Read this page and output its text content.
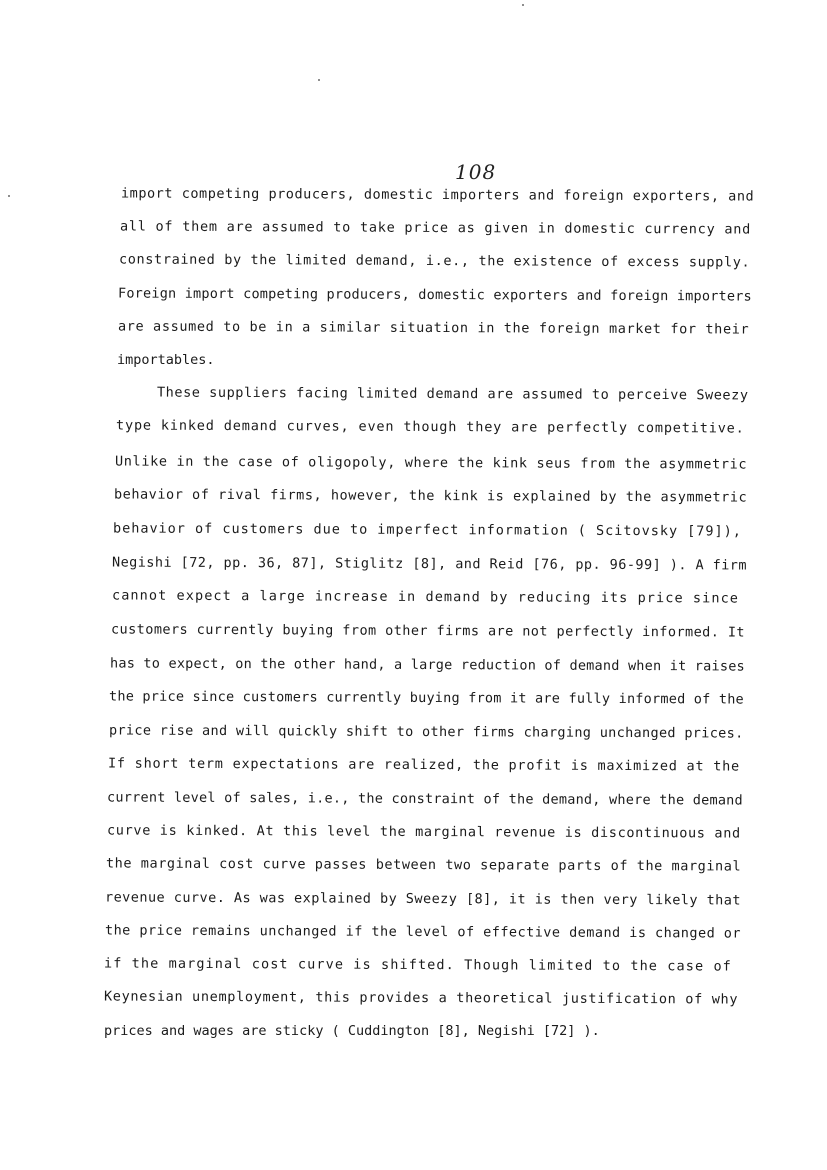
108
import competing producers, domestic importers and foreign exporters, and
all of them are assumed to take price as given in domestic currency and
constrained by the limited demand, i.e., the existence of excess supply.
Foreign import competing producers, domestic exporters and foreign importers
are assumed to be in a similar situation in the foreign market for their
importables.
These suppliers facing limited demand are assumed to perceive Sweezy
type kinked demand curves, even though they are perfectly competitive.
Unlike in the case of oligopoly, where the kink seus from the asymmetric
behavior of rival firms, however, the kink is explained by the asymmetric
behavior of customers due to imperfect information ( Scitovsky [79]),
Negishi [72, pp. 36, 87], Stiglitz [8], and Reid [76, pp. 96-99] ). A firm
cannot expect a large increase in demand by reducing its price since
customers currently buying from other firms are not perfectly informed. It
has to expect, on the other hand, a large reduction of demand when it raises
the price since customers currently buying from it are fully informed of the
price rise and will quickly shift to other firms charging unchanged prices.
If short term expectations are realized, the profit is maximized at the
current level of sales, i.e., the constraint of the demand, where the demand
curve is kinked. At this level the marginal revenue is discontinuous and
the marginal cost curve passes between two separate parts of the marginal
revenue curve. As was explained by Sweezy [8], it is then very likely that
the price remains unchanged if the level of effective demand is changed or
if the marginal cost curve is shifted. Though limited to the case of
Keynesian unemployment, this provides a theoretical justification of why
prices and wages are sticky ( Cuddington [8], Negishi [72] ).
